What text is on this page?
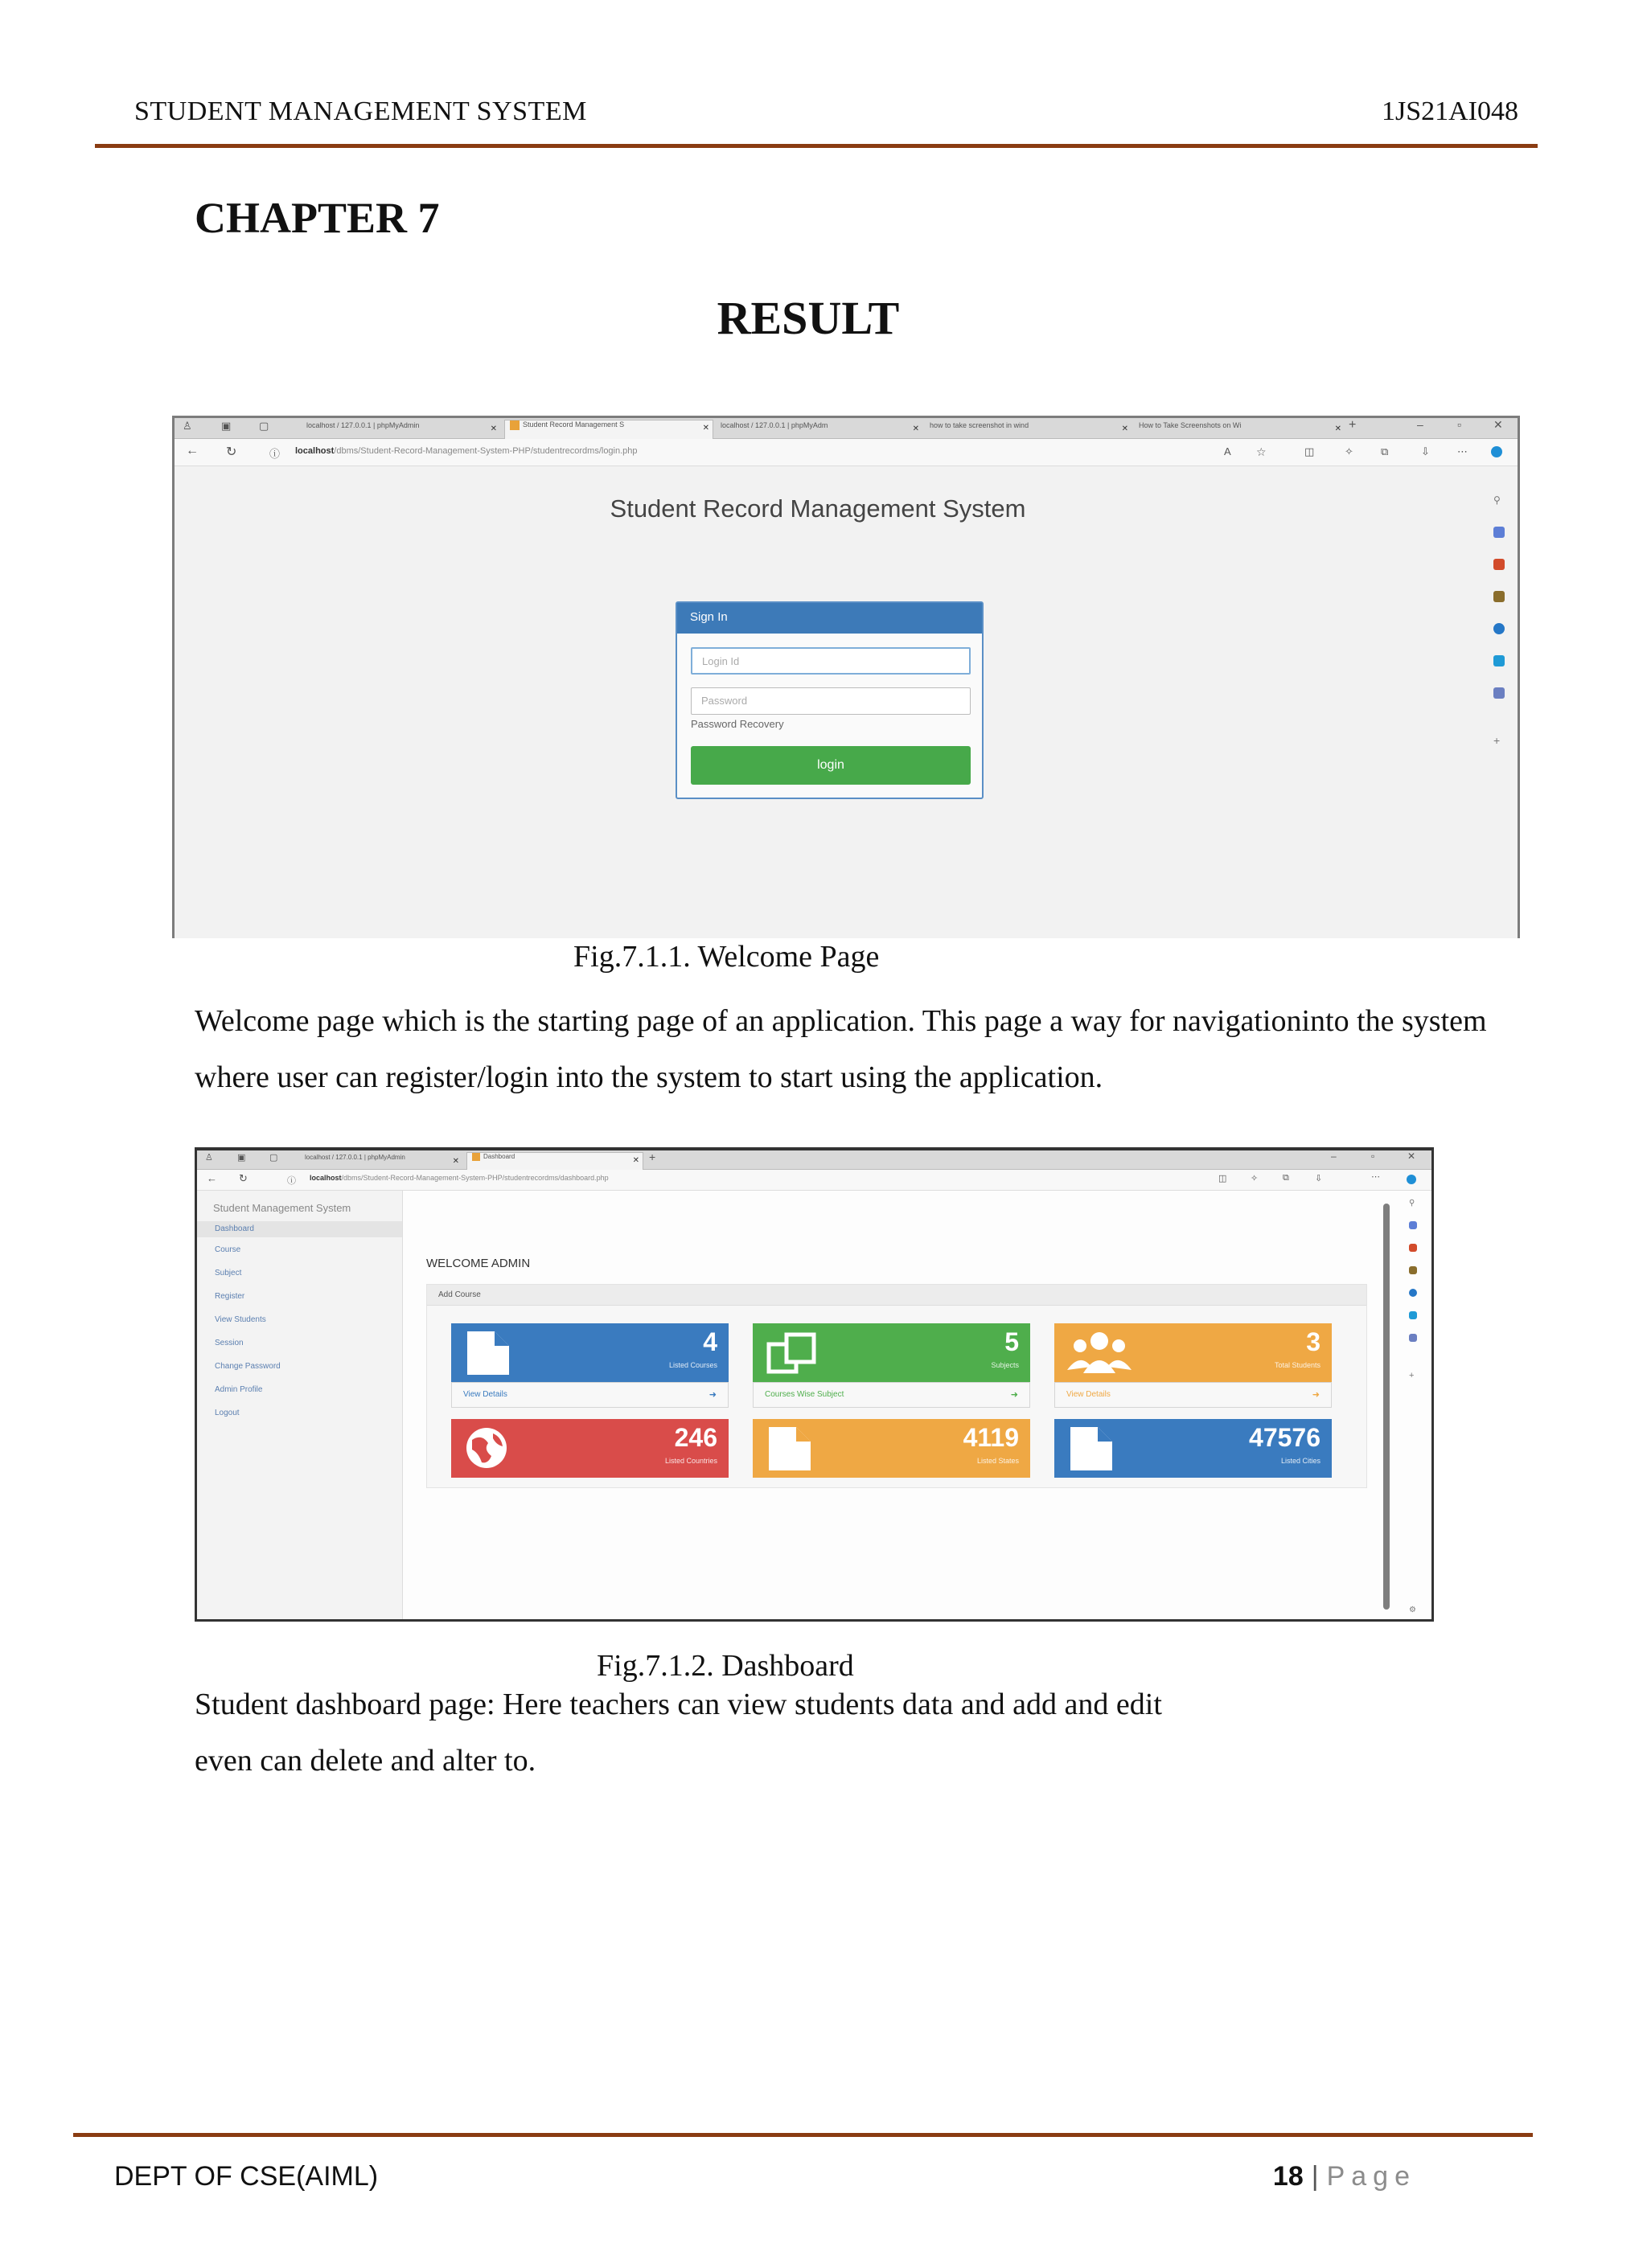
STUDENT MANAGEMENT SYSTEM	1JS21AI048
CHAPTER 7
RESULT
♙	▣	▢	localhost / 127.0.0.1 | phpMyAdmin	✕	Student Record Management S	✕	localhost / 127.0.0.1 | phpMyAdm	✕	how to take screenshot in wind	✕	How to Take Screenshots on Wi	✕ +	–	▫	✕
← ↻	ⓘ localhost/dbms/Student-Record-Management-System-PHP/studentrecordms/login.php	A ☆	◫	✧	⧉	⇩	⋯
⚲
+
Student Record Management System
Sign In
Login Id
Password
Password Recovery
login
Fig.7.1.1. Welcome Page
Welcome page which is the starting page of an application. This page a way for navigationinto the system where user can register/login into the system to start using the application.
♙	▣	▢	localhost / 127.0.0.1 | phpMyAdmin	✕
Dashboard	✕ +	–	▫	✕
← ↻	ⓘ localhost/dbms/Student-Record-Management-System-PHP/studentrecordms/dashboard.php	◫	✧	⧉	⇩	⋯
Student Management System
Dashboard
Course
Subject
Register
View Students
Session
Change Password
Admin Profile
Logout
WELCOME ADMIN
Add Course
4
Listed Courses
View Details	➜
5
Subjects
Courses Wise Subject	➜
3
Total Students
View Details	➜
246
Listed Countries
4119
Listed States
47576
Listed Cities
⚲
+
⚙
Fig.7.1.2. Dashboard
Student dashboard page: Here teachers can view students data and add and edit
even can delete and alter to.
DEPT OF CSE(AIML)	18 | Page
